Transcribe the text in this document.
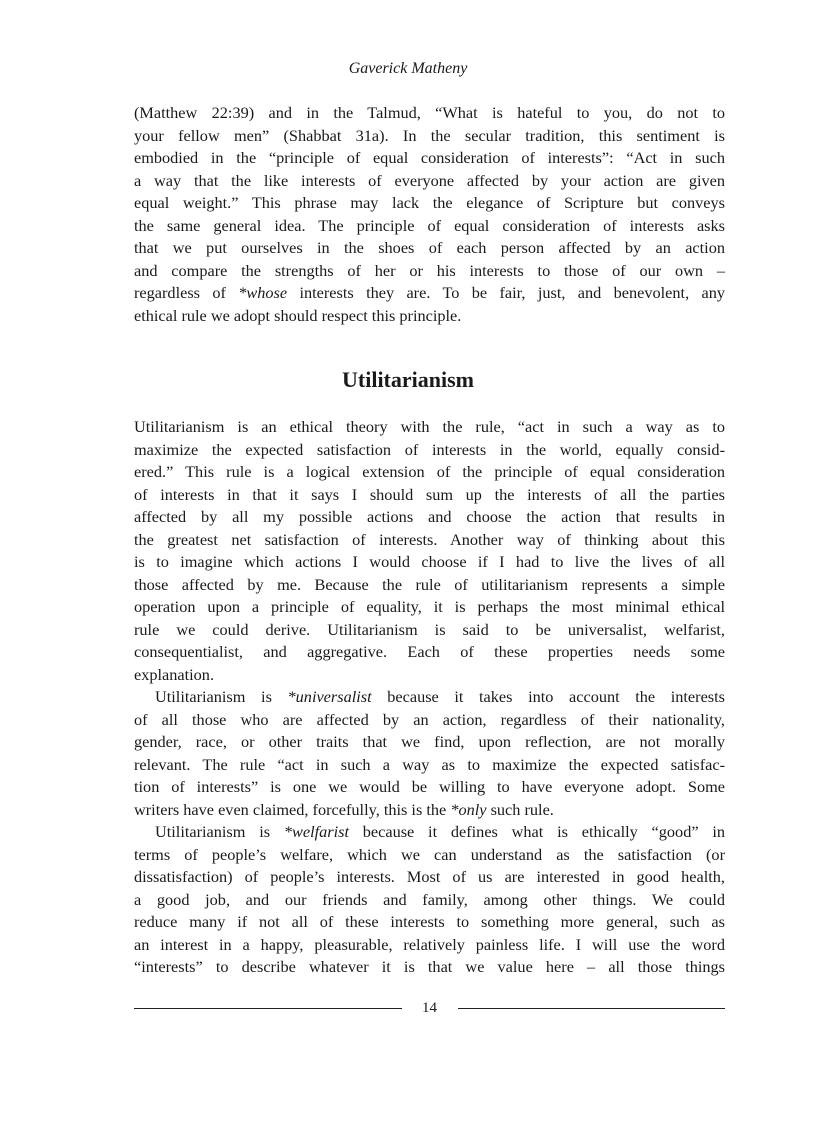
Gaverick Matheny
(Matthew 22:39) and in the Talmud, “What is hateful to you, do not to
your fellow men” (Shabbat 31a). In the secular tradition, this sentiment is
embodied in the “principle of equal consideration of interests”: “Act in such
a way that the like interests of everyone affected by your action are given
equal weight.” This phrase may lack the elegance of Scripture but conveys
the same general idea. The principle of equal consideration of interests asks
that we put ourselves in the shoes of each person affected by an action
and compare the strengths of her or his interests to those of our own –
regardless of *whose interests they are. To be fair, just, and benevolent, any
ethical rule we adopt should respect this principle.
Utilitarianism
Utilitarianism is an ethical theory with the rule, “act in such a way as to
maximize the expected satisfaction of interests in the world, equally consid-
ered.” This rule is a logical extension of the principle of equal consideration
of interests in that it says I should sum up the interests of all the parties
affected by all my possible actions and choose the action that results in
the greatest net satisfaction of interests. Another way of thinking about this
is to imagine which actions I would choose if I had to live the lives of all
those affected by me. Because the rule of utilitarianism represents a simple
operation upon a principle of equality, it is perhaps the most minimal ethical
rule we could derive. Utilitarianism is said to be universalist, welfarist,
consequentialist, and aggregative. Each of these properties needs some
explanation.
Utilitarianism is *universalist because it takes into account the interests
of all those who are affected by an action, regardless of their nationality,
gender, race, or other traits that we find, upon reflection, are not morally
relevant. The rule “act in such a way as to maximize the expected satisfac-
tion of interests” is one we would be willing to have everyone adopt. Some
writers have even claimed, forcefully, this is the *only such rule.
Utilitarianism is *welfarist because it defines what is ethically “good” in
terms of people’s welfare, which we can understand as the satisfaction (or
dissatisfaction) of people’s interests. Most of us are interested in good health,
a good job, and our friends and family, among other things. We could
reduce many if not all of these interests to something more general, such as
an interest in a happy, pleasurable, relatively painless life. I will use the word
“interests” to describe whatever it is that we value here – all those things
14
